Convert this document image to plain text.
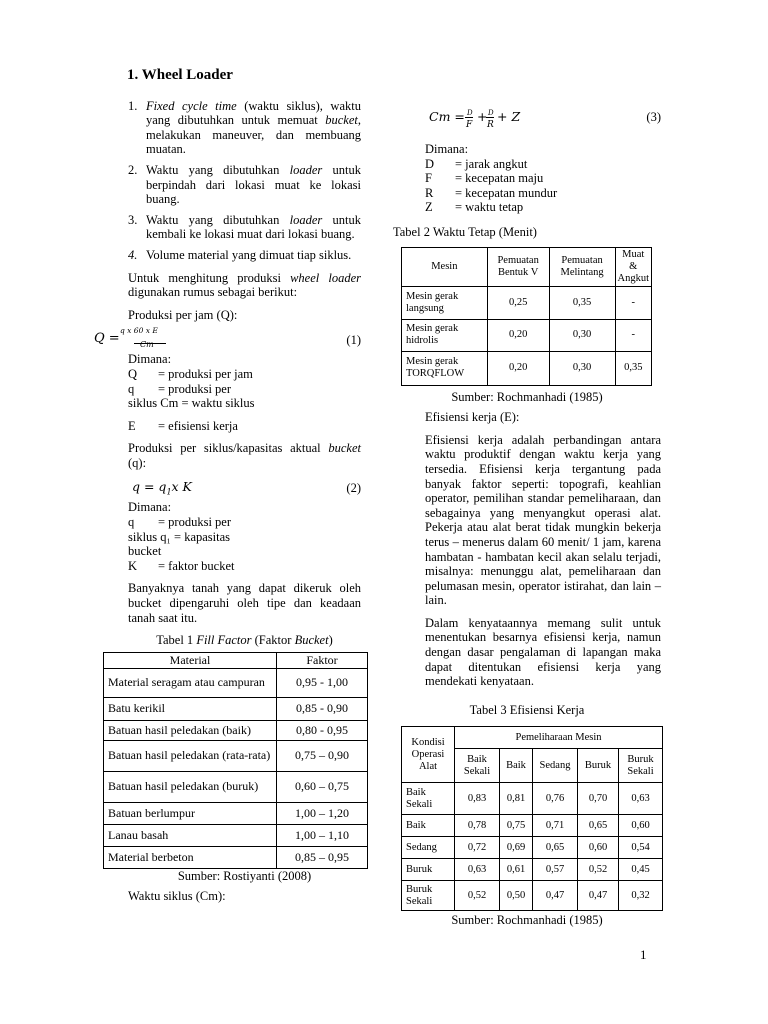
1. Wheel Loader

1. Fixed cycle time (waktu siklus), waktu yang dibutuhkan untuk memuat bucket, melakukan maneuver, dan membuang muatan.
2. Waktu yang dibutuhkan loader untuk berpindah dari lokasi muat ke lokasi buang.
3. Waktu yang dibutuhkan loader untuk kembali ke lokasi muat dari lokasi buang.
4. Volume material yang dimuat tiap siklus.

Untuk menghitung produksi wheel loader digunakan rumus sebagai berikut:

Produksi per jam (Q):

Q =
q x 60 x E
Cm	(1)

Dimana:

Q	= produksi per jam
q	= produksi per
siklus Cm = waktu siklus
E	= efisiensi kerja

Produksi per siklus/kapasitas aktual bucket (q):

$q = q_1x$ K	(2)

Dimana:

q	= produksi per
siklus q₁ = kapasitas
bucket
K	= faktor bucket

Banyaknya tanah yang dapat dikeruk oleh bucket dipengaruhi oleh tipe dan keadaan tanah saat itu.

Tabel 1 Fill Factor (Faktor Bucket)

Material	Faktor
Material seragam atau campuran	0,95 - 1,00
Batu kerikil	0,85 - 0,90
Batuan hasil peledakan (baik)	0,80 - 0,95
Batuan hasil peledakan (rata-rata)	0,75 – 0,90
Batuan hasil peledakan (buruk)	0,60 – 0,75
Batuan berlumpur	1,00 – 1,20
Lanau basah	1,00 – 1,10
Material berbeton	0,85 – 0,95

Sumber: Rostiyanti (2008)

Waktu siklus (Cm):

Cm = D
F
+ D
R
+ Z	(3)

Dimana:

D	= jarak angkut
F	= kecepatan maju
R	= kecepatan mundur
Z	= waktu tetap

Tabel 2 Waktu Tetap (Menit)

Mesin	Pemuatan Bentuk V	Pemuatan Melintang	Muat & Angkut
Mesin gerak langsung	0,25	0,35	-
Mesin gerak hidrolis	0,20	0,30	-
Mesin gerak TORQFLOW	0,20	0,30	0,35

Sumber: Rochmanhadi (1985)

Efisiensi kerja (E):

Efisiensi kerja adalah perbandingan antara waktu produktif dengan waktu kerja yang tersedia. Efisiensi kerja tergantung pada banyak faktor seperti: topografi, keahlian operator, pemilihan standar pemeliharaan, dan sebagainya yang menyangkut operasi alat. Pekerja atau alat berat tidak mungkin bekerja terus – menerus dalam 60 menit/ 1 jam, karena hambatan - hambatan kecil akan selalu terjadi, misalnya: menunggu alat, pemeliharaan dan pelumasan mesin, operator istirahat, dan lain – lain.

Dalam kenyataannya memang sulit untuk menentukan besarnya efisiensi kerja, namun dengan dasar pengalaman di lapangan maka dapat ditentukan efisiensi kerja yang mendekati kenyataan.

Tabel 3 Efisiensi Kerja

Kondisi Operasi Alat	Pemeliharaan Mesin				
	Baik Sekali	Baik	Sedang	Buruk	Buruk Sekali
Baik Sekali	0,83	0,81	0,76	0,70	0,63
Baik	0,78	0,75	0,71	0,65	0,60
Sedang	0,72	0,69	0,65	0,60	0,54
Buruk	0,63	0,61	0,57	0,52	0,45
Buruk Sekali	0,52	0,50	0,47	0,47	0,32

Sumber: Rochmanhadi (1985)

1
